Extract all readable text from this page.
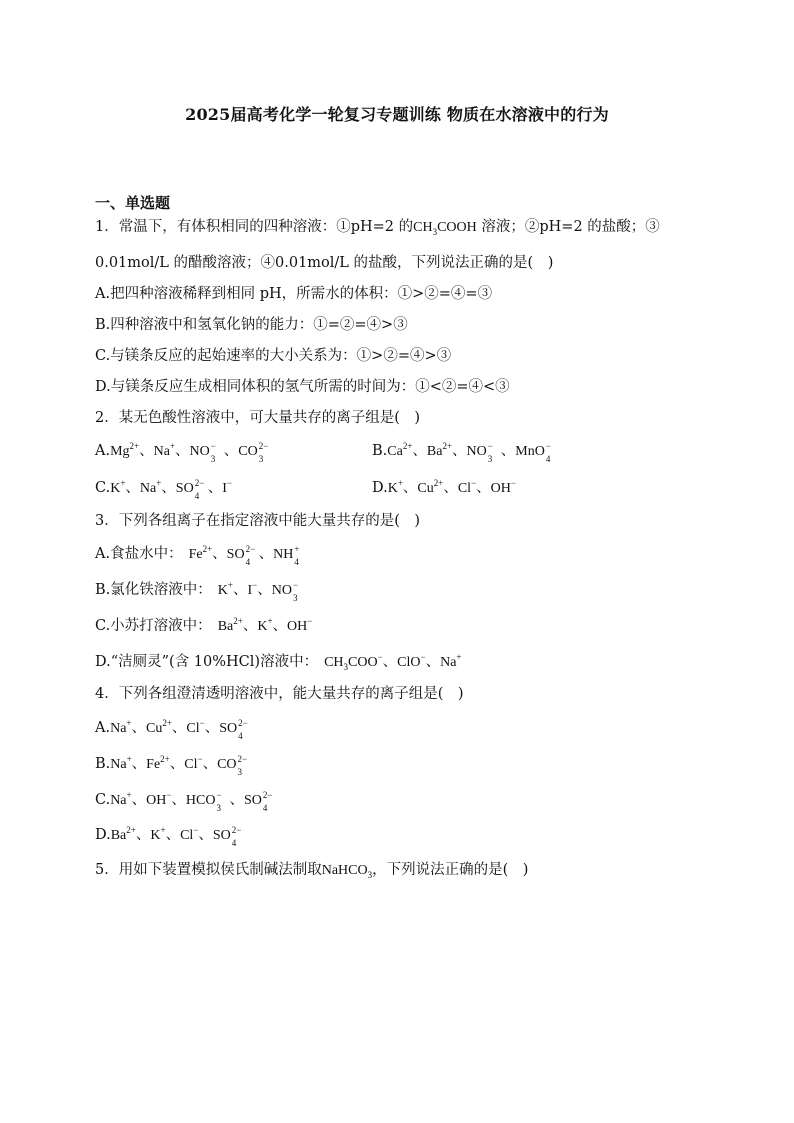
2025届高考化学一轮复习专题训练 物质在水溶液中的行为
一、单选题
1．常温下，有体积相同的四种溶液：①pH=2 的$CH_3COOH$ 溶液；②pH=2 的盐酸；③
0.01mol/L 的醋酸溶液；④0.01mol/L 的盐酸，下列说法正确的是(　)
A.把四种溶液稀释到相同 pH，所需水的体积：①>②=④=③
B.四种溶液中和氢氧化钠的能力：①=②=④>③
C.与镁条反应的起始速率的大小关系为：①>②=④>③
D.与镁条反应生成相同体积的氢气所需的时间为：①<②=④<③
2．某无色酸性溶液中，可大量共存的离子组是(　)
$A.Mg^{2+}$、Na+、NO −
3 、CO 2−
3	$B.Ca^{2+}$、$Ba^{2+}$、NO −
3 、MnO −
4
C.K+、Na+、SO 2−
4 、I−	D.K+、$Cu^{2+}$、Cl−、OH−
3．下列各组离子在指定溶液中能大量共存的是(　)
A.食盐水中： $Fe^{2+}$、SO 2−
4 、NH +
4
B.氯化铁溶液中： K+、I−、NO −
3
C.小苏打溶液中： $Ba^{2+}$、K+、OH−
D.“洁厕灵”(含 10%HCl)溶液中： $CH_3COO^-$、ClO−、Na+
4．下列各组澄清透明溶液中，能大量共存的离子组是(　)
A.Na+、$Cu^{2+}$、Cl−、SO 2−
4
B.Na+、$Fe^{2+}$、Cl−、CO 2−
3
C.Na+、OH−、HCO −
3 、SO 2−
4
$D.Ba^{2+}$、K+、Cl−、SO 2−
4
5．用如下装置模拟侯氏制碱法制取NaHCO$_3$，下列说法正确的是(　)
